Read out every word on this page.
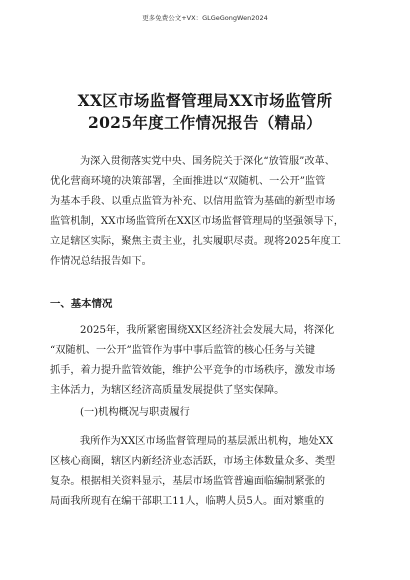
更多免费公文+VX：GLGeGongWen2024
XX区市场监督管理局XX市场监管所
2025年度工作情况报告（精品）
为深入贯彻落实党中央、国务院关于深化“放管服”改革、
优化营商环境的决策部署，全面推进以“双随机、一公开”监管
为基本手段、以重点监管为补充、以信用监管为基础的新型市场
监管机制，XX市场监管所在XX区市场监督管理局的坚强领导下，
立足辖区实际，聚焦主责主业，扎实履职尽责。现将2025年度工
作情况总结报告如下。
一、基本情况
2025年，我所紧密围绕XX区经济社会发展大局，将深化
“双随机、一公开”监管作为事中事后监管的核心任务与关键
抓手，着力提升监管效能，维护公平竞争的市场秩序，激发市场
主体活力，为辖区经济高质量发展提供了坚实保障。
(一)机构概况与职责履行
我所作为XX区市场监督管理局的基层派出机构，地处XX
区核心商圈，辖区内新经济业态活跃，市场主体数量众多、类型
复杂。根据相关资料显示，基层市场监管普遍面临编制紧张的
局面我所现有在编干部职工11人，临聘人员5人。面对繁重的
